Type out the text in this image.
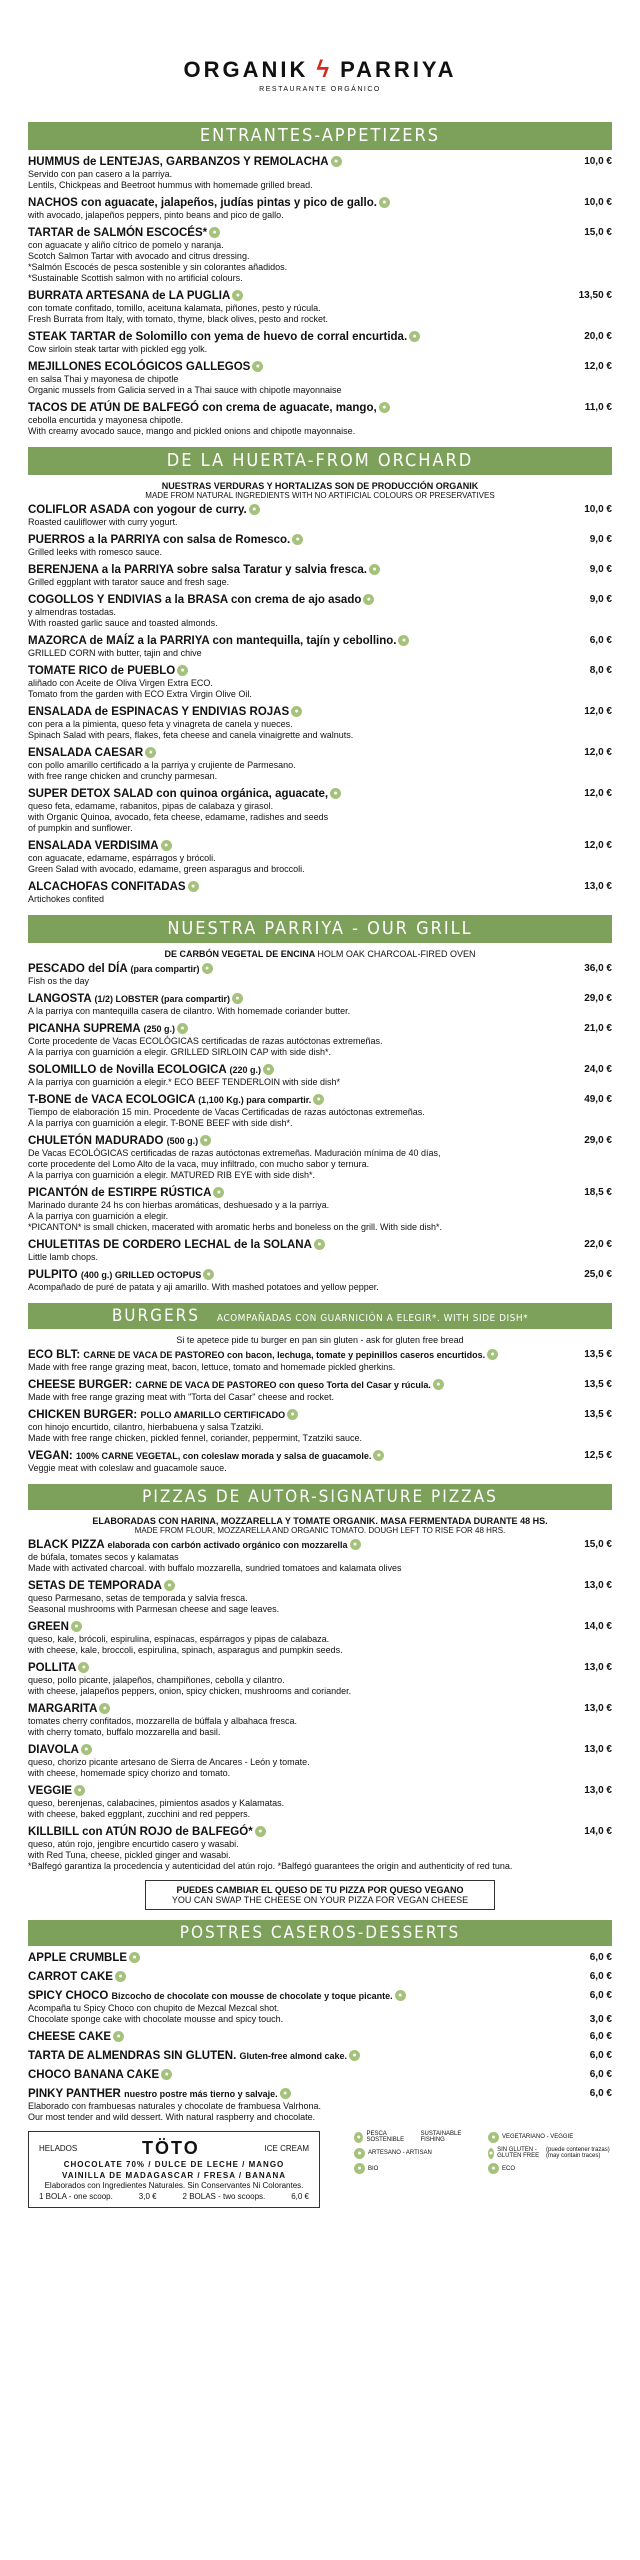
ORGANIK ϟ PARRIYA
RESTAURANTE ORGÁNICO
ENTRANTES-APPETIZERS
HUMMUS de LENTEJAS, GARBANZOS Y REMOLACHA ●
Servido con pan casero a la parriya.
Lentils, Chickpeas and Beetroot hummus with homemade grilled bread.
10,0 €
NACHOS con aguacate, jalapeños, judías pintas y pico de gallo. ●
with avocado, jalapeños peppers, pinto beans and pico de gallo.
10,0 €
TARTAR de SALMÓN ESCOCÉS* ●
con aguacate y aliño cítrico de pomelo y naranja.
Scotch Salmon Tartar with avocado and citrus dressing.
*Salmón Escocés de pesca sostenible y sin colorantes añadidos.
*Sustainable Scottish salmon with no artificial colours.
15,0 €
BURRATA ARTESANA de LA PUGLIA ●
con tomate confitado, tomillo, aceituna kalamata, piñones, pesto y rúcula.
Fresh Burrata from Italy, with tomato, thyme, black olives, pesto and rocket.
13,50 €
STEAK TARTAR de Solomillo con yema de huevo de corral encurtida. ●
Cow sirloin steak tartar with pickled egg yolk.
20,0 €
MEJILLONES ECOLÓGICOS GALLEGOS ●
en salsa Thai y mayonesa de chipotle
Organic mussels from Galicia served in a Thai sauce with chipotle mayonnaise
12,0 €
TACOS DE ATÚN DE BALFEGÓ con crema de aguacate, mango, ●
cebolla encurtida y mayonesa chipotle.
With creamy avocado sauce, mango and pickled onions and chipotle mayonnaise.
11,0 €
DE LA HUERTA-FROM ORCHARD
NUESTRAS VERDURAS Y HORTALIZAS SON DE PRODUCCIÓN ORGANIK
MADE FROM NATURAL INGREDIENTS WITH NO ARTIFICIAL COLOURS OR PRESERVATIVES
COLIFLOR ASADA con yogour de curry. ●
Roasted cauliflower with curry yogurt.
10,0 €
PUERROS a la PARRIYA con salsa de Romesco. ●
Grilled leeks with romesco sauce.
9,0 €
BERENJENA a la PARRIYA sobre salsa Taratur y salvia fresca. ●
Grilled eggplant with tarator sauce and fresh sage.
9,0 €
COGOLLOS Y ENDIVIAS a la BRASA con crema de ajo asado ●
y almendras tostadas.
With roasted garlic sauce and toasted almonds.
9,0 €
MAZORCA de MAÍZ a la PARRIYA con mantequilla, tajín y cebollino. ●
GRILLED CORN with butter, tajin and chive
6,0 €
TOMATE RICO de PUEBLO ●
aliñado con Aceite de Oliva Virgen Extra ECO.
Tomato from the garden with ECO Extra Virgin Olive Oil.
8,0 €
ENSALADA de ESPINACAS Y ENDIVIAS ROJAS ●
con pera a la pimienta, queso feta y vinagreta de canela y nueces.
Spinach Salad with pears, flakes, feta cheese and canela vinaigrette and walnuts.
12,0 €
ENSALADA CAESAR ●
con pollo amarillo certificado a la parriya y crujiente de Parmesano.
with free range chicken and crunchy parmesan.
12,0 €
SUPER DETOX SALAD con quinoa orgánica, aguacate, ●
queso feta, edamame, rabanitos, pipas de calabaza y girasol.
with Organic Quinoa, avocado, feta cheese, edamame, radishes and seeds
of pumpkin and sunflower.
12,0 €
ENSALADA VERDISIMA ●
con aguacate, edamame, espárragos y brócoli.
Green Salad with avocado, edamame, green asparagus and broccoli.
12,0 €
ALCACHOFAS CONFITADAS ●
Artichokes confited
13,0 €
NUESTRA PARRIYA - OUR GRILL
DE CARBÓN VEGETAL DE ENCINA HOLM OAK CHARCOAL-FIRED OVEN
PESCADO del DÍA (para compartir) ●
Fish os the day
36,0 €
LANGOSTA (1/2) LOBSTER (para compartir) ●
A la parriya con mantequilla casera de cilantro. With homemade coriander butter.
29,0 €
PICANHA SUPREMA (250 g.) ●
Corte procedente de Vacas ECOLÓGICAS certificadas de razas autóctonas extremeñas.
A la parriya con guarnición a elegir. GRILLED SIRLOIN CAP with side dish*.
21,0 €
SOLOMILLO de Novilla ECOLOGICA (220 g.) ●
A la parriya con guarnición a elegir.* ECO BEEF TENDERLOIN with side dish*
24,0 €
T-BONE de VACA ECOLOGICA (1,100 Kg.) para compartir. ●
Tiempo de elaboración 15 min. Procedente de Vacas Certificadas de razas autóctonas extremeñas.
A la parriya con guarnición a elegir. T-BONE BEEF with side dish*.
49,0 €
CHULETÓN MADURADO (500 g.) ●
De Vacas ECOLÓGICAS certificadas de razas autóctonas extremeñas. Maduración mínima de 40 días,
corte procedente del Lomo Alto de la vaca, muy infiltrado, con mucho sabor y ternura.
A la parriya con guarnición a elegir. MATURED RIB EYE with side dish*.
29,0 €
PICANTÓN de ESTIRPE RÚSTICA ●
Marinado durante 24 hs con hierbas aromáticas, deshuesado y a la parriya.
A la parriya con guarnición a elegir.
*PICANTON* is small chicken, macerated with aromatic herbs and boneless on the grill. With side dish*.
18,5 €
CHULETITAS DE CORDERO LECHAL de la SOLANA ●
Little lamb chops.
22,0 €
PULPITO (400 g.) GRILLED OCTOPUS ●
Acompañado de puré de patata y aji amarillo. With mashed potatoes and yellow pepper.
25,0 €
BURGERS ACOMPAÑADAS CON GUARNICIÓN A ELEGIR*. WITH SIDE DISH*
Si te apetece pide tu burger en pan sin gluten - ask for gluten free bread
ECO BLT: CARNE DE VACA DE PASTOREO con bacon, lechuga, tomate y pepinillos caseros encurtidos. ●
Made with free range grazing meat, bacon, lettuce, tomato and homemade pickled gherkins.
13,5 €
CHEESE BURGER: CARNE DE VACA DE PASTOREO con queso Torta del Casar y rúcula. ●
Made with free range grazing meat with "Torta del Casar" cheese and rocket.
13,5 €
CHICKEN BURGER: POLLO AMARILLO CERTIFICADO ●
con hinojo encurtido, cilantro, hierbabuena y salsa Tzatziki.
Made with free range chicken, pickled fennel, coriander, peppermint, Tzatziki sauce.
13,5 €
VEGAN: 100% CARNE VEGETAL, con coleslaw morada y salsa de guacamole. ●
Veggie meat with coleslaw and guacamole sauce.
12,5 €
PIZZAS DE AUTOR-SIGNATURE PIZZAS
ELABORADAS CON HARINA, MOZZARELLA Y TOMATE ORGANIK. MASA FERMENTADA DURANTE 48 HS.
MADE FROM FLOUR, MOZZARELLA AND ORGANIC TOMATO. DOUGH LEFT TO RISE FOR 48 HRS.
BLACK PIZZA elaborada con carbón activado orgánico con mozzarella ●
de búfala, tomates secos y kalamatas
Made with activated charcoal. with buffalo mozzarella, sundried tomatoes and kalamata olives
15,0 €
SETAS DE TEMPORADA ●
queso Parmesano, setas de temporada y salvia fresca.
Seasonal mushrooms with Parmesan cheese and sage leaves.
13,0 €
GREEN ●
queso, kale, brócoli, espirulina, espinacas, espárragos y pipas de calabaza.
with cheese, kale, broccoli, espirulina, spinach, asparagus and pumpkin seeds.
14,0 €
POLLITA ●
queso, pollo picante, jalapeños, champiñones, cebolla y cilantro.
with cheese, jalapeños peppers, onion, spicy chicken, mushrooms and coriander.
13,0 €
MARGARITA ●
tomates cherry confitados, mozzarella de búffala y albahaca fresca.
with cherry tomato, buffalo mozzarella and basil.
13,0 €
DIAVOLA ●
queso, chorizo picante artesano de Sierra de Ancares - León y tomate.
with cheese, homemade spicy chorizo and tomato.
13,0 €
VEGGIE ●
queso, berenjenas, calabacines, pimientos asados y Kalamatas.
with cheese, baked eggplant, zucchini and red peppers.
13,0 €
KILLBILL con ATÚN ROJO de BALFEGÓ* ●
queso, atún rojo, jengibre encurtido casero y wasabi.
with Red Tuna, cheese, pickled ginger and wasabi.
*Balfegó garantiza la procedencia y autenticidad del atún rojo. *Balfegó guarantees the origin and authenticity of red tuna.
14,0 €
PUEDES CAMBIAR EL QUESO DE TU PIZZA POR QUESO VEGANO
YOU CAN SWAP THE CHEESE ON YOUR PIZZA FOR VEGAN CHEESE
POSTRES CASEROS-DESSERTS
APPLE CRUMBLE ●	6,0 €
CARROT CAKE ●	6,0 €
SPICY CHOCO Bizcocho de chocolate con mousse de chocolate y toque picante. ●
Acompaña tu Spicy Choco con chupito de Mezcal Mezcal shot.
Chocolate sponge cake with chocolate mousse and spicy touch.
6,0 €
3,0 €
CHEESE CAKE ●	6,0 €
TARTA DE ALMENDRAS SIN GLUTEN. Gluten-free almond cake. ●	6,0 €
CHOCO BANANA CAKE ●	6,0 €
PINKY PANTHER nuestro postre más tierno y salvaje. ●
Elaborado con frambuesas naturales y chocolate de frambuesa Valrhona.
Our most tender and wild dessert. With natural raspberry and chocolate.
6,0 €
HELADOS	TÖTO	ICE CREAM
CHOCOLATE 70% / DULCE DE LECHE / MANGO
VAINILLA DE MADAGASCAR / FRESA / BANANA
Elaborados con Ingredientes Naturales. Sin Conservantes Ni Colorantes.
1 BOLA - one scoop.	3,0 €	2 BOLAS - two scoops.	6,0 €
● PESCA SOSTENIBLE
SUSTAINABLE FISHING	●	VEGETARIANO - VEGGIE
●	ARTESANO - ARTISAN	● SIN GLUTEN - GLUTEN FREE
(puede contener trazas) (may contain traces)
●	BIO	●	ECO
